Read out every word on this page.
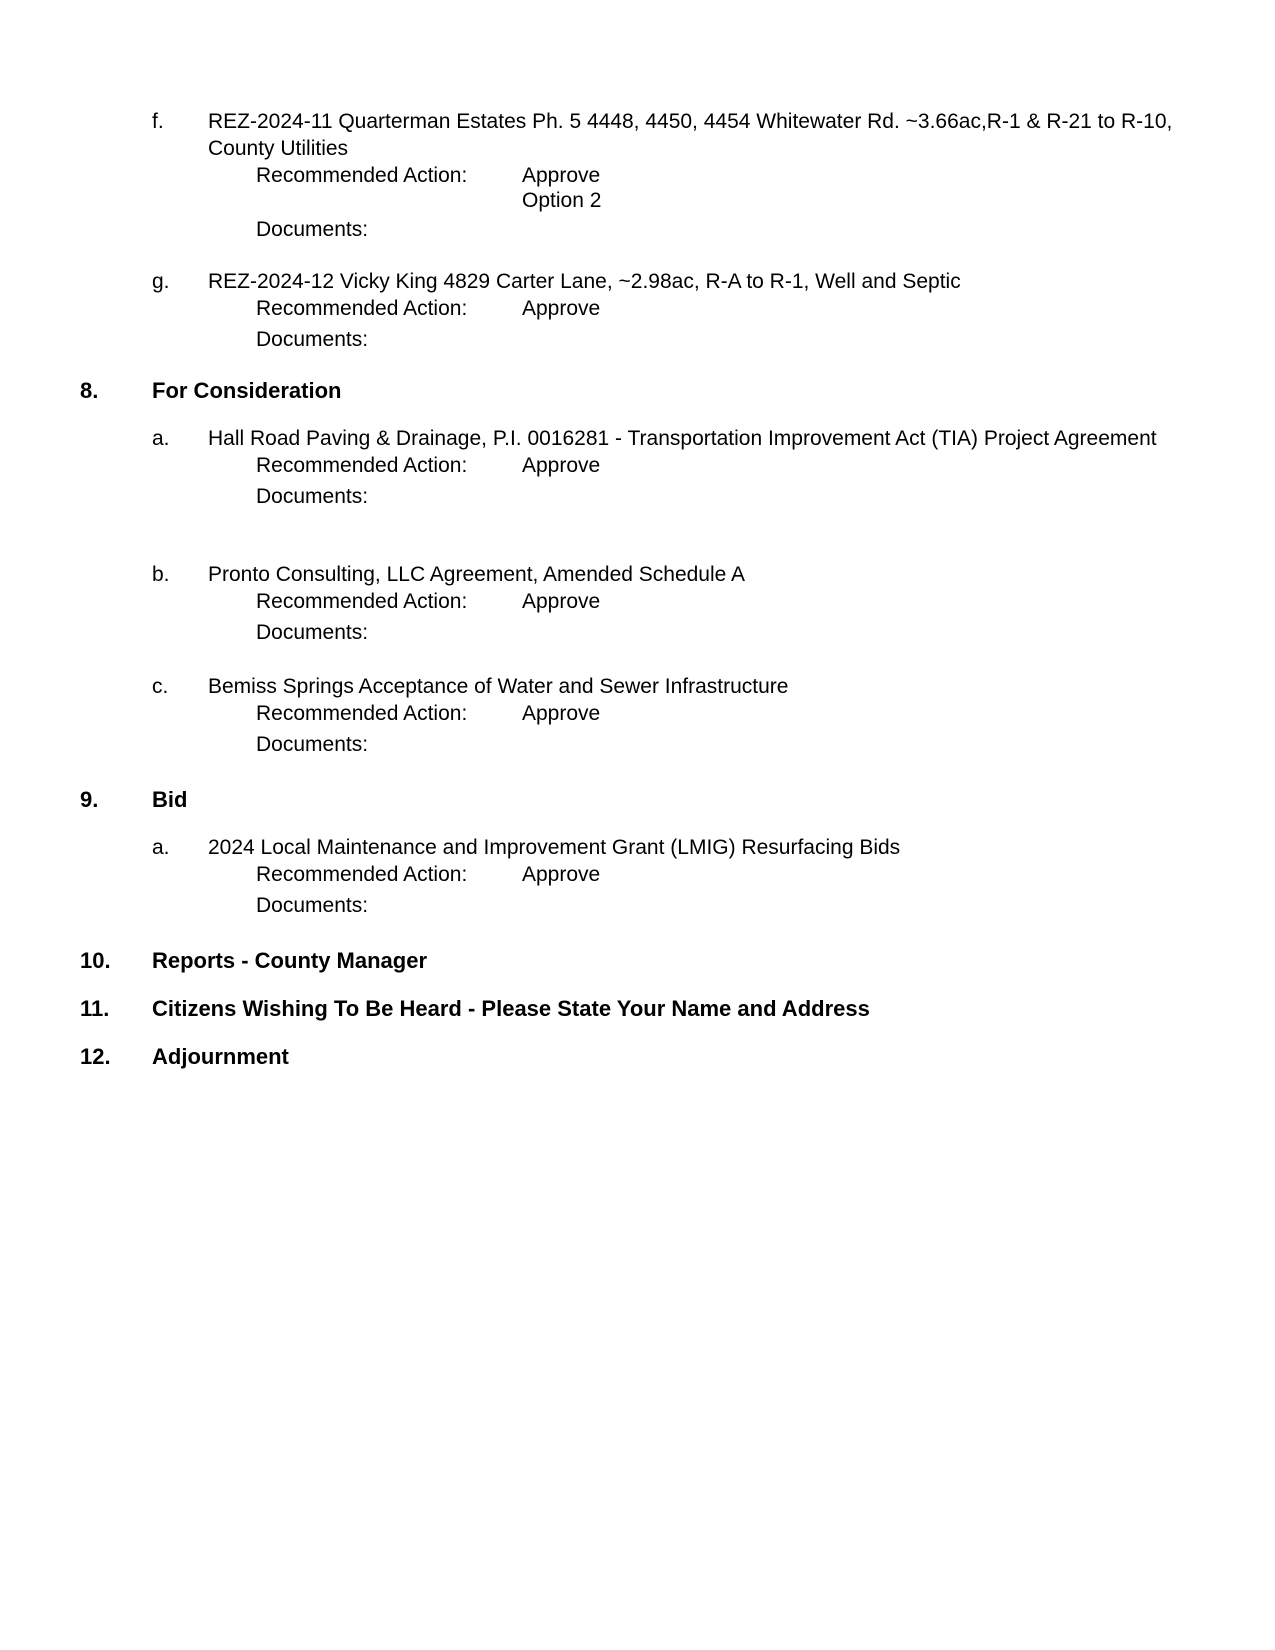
f. REZ-2024-11 Quarterman Estates Ph. 5 4448, 4450, 4454 Whitewater Rd. ~3.66ac,R-1 & R-21 to R-10, County Utilities
Recommended Action:	Approve
Option 2
Documents:
g. REZ-2024-12 Vicky King 4829 Carter Lane, ~2.98ac, R-A to R-1, Well and Septic
Recommended Action:	Approve
Documents:
8. For Consideration
a. Hall Road Paving & Drainage, P.I. 0016281 - Transportation Improvement Act (TIA) Project Agreement
Recommended Action:	Approve
Documents:
b. Pronto Consulting, LLC Agreement, Amended Schedule A
Recommended Action:	Approve
Documents:
c. Bemiss Springs Acceptance of Water and Sewer Infrastructure
Recommended Action:	Approve
Documents:
9. Bid
a. 2024 Local Maintenance and Improvement Grant (LMIG) Resurfacing Bids
Recommended Action:	Approve
Documents:
10. Reports - County Manager
11. Citizens Wishing To Be Heard - Please State Your Name and Address
12. Adjournment
